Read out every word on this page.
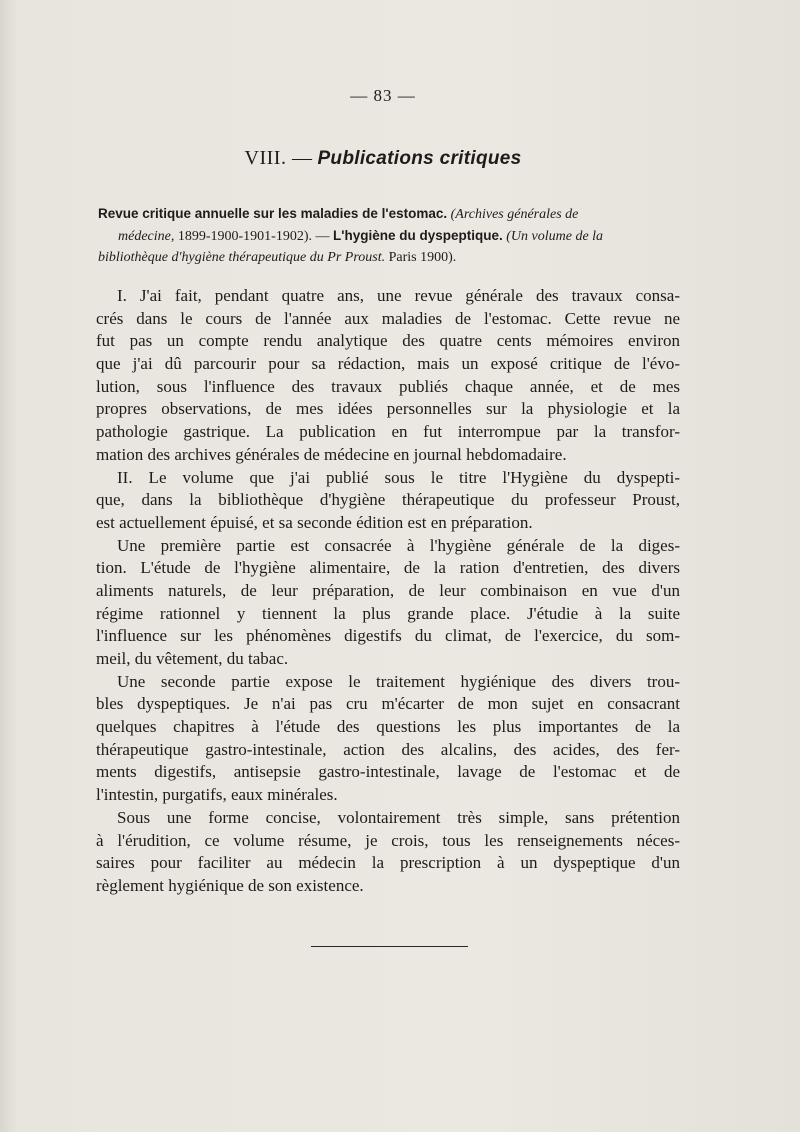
— 83 —
VIII. — Publications critiques
Revue critique annuelle sur les maladies de l'estomac. (Archives générales de
médecine, 1899-1900-1901-1902). — L'hygiène du dyspeptique. (Un volume de la
bibliothèque d'hygiène thérapeutique du Pr Proust. Paris 1900).
I. J'ai fait, pendant quatre ans, une revue générale des travaux consa-
crés dans le cours de l'année aux maladies de l'estomac. Cette revue ne
fut pas un compte rendu analytique des quatre cents mémoires environ
que j'ai dû parcourir pour sa rédaction, mais un exposé critique de l'évo-
lution, sous l'influence des travaux publiés chaque année, et de mes
propres observations, de mes idées personnelles sur la physiologie et la
pathologie gastrique. La publication en fut interrompue par la transfor-
mation des archives générales de médecine en journal hebdomadaire.
II. Le volume que j'ai publié sous le titre l'Hygiène du dyspepti-
que, dans la bibliothèque d'hygiène thérapeutique du professeur Proust,
est actuellement épuisé, et sa seconde édition est en préparation.
Une première partie est consacrée à l'hygiène générale de la diges-
tion. L'étude de l'hygiène alimentaire, de la ration d'entretien, des divers
aliments naturels, de leur préparation, de leur combinaison en vue d'un
régime rationnel y tiennent la plus grande place. J'étudie à la suite
l'influence sur les phénomènes digestifs du climat, de l'exercice, du som-
meil, du vêtement, du tabac.
Une seconde partie expose le traitement hygiénique des divers trou-
bles dyspeptiques. Je n'ai pas cru m'écarter de mon sujet en consacrant
quelques chapitres à l'étude des questions les plus importantes de la
thérapeutique gastro-intestinale, action des alcalins, des acides, des fer-
ments digestifs, antisepsie gastro-intestinale, lavage de l'estomac et de
l'intestin, purgatifs, eaux minérales.
Sous une forme concise, volontairement très simple, sans prétention
à l'érudition, ce volume résume, je crois, tous les renseignements néces-
saires pour faciliter au médecin la prescription à un dyspeptique d'un
règlement hygiénique de son existence.
